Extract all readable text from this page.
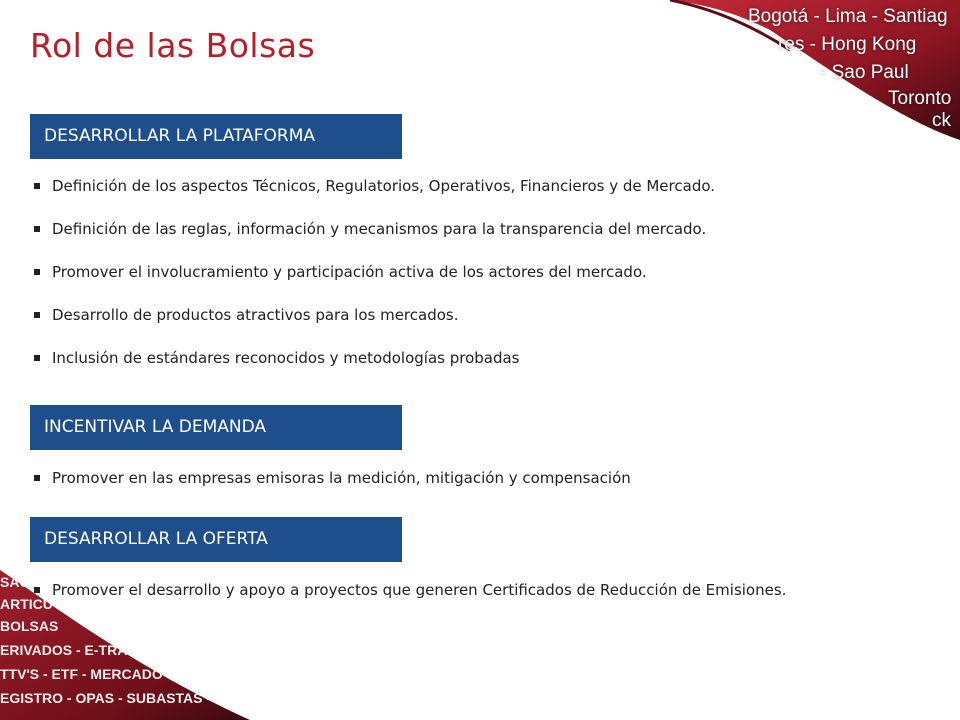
Bogotá - Lima - Santiag
res - Hong Kong
- Sao Paul
Toronto
ck
SAG
ARTICU
BOLSAS
ERIVADOS - E-TRAD
TTV'S - ETF - MERCADO
EGISTRO - OPAS - SUBASTAS -
Rol de las Bolsas
DESARROLLAR LA PLATAFORMA
Definición de los aspectos Técnicos, Regulatorios, Operativos, Financieros y de Mercado.
Definición de las reglas, información y mecanismos para la transparencia del mercado.
Promover el involucramiento y participación activa de los actores del mercado.
Desarrollo de productos atractivos para los mercados.
Inclusión de estándares reconocidos y metodologías probadas
INCENTIVAR LA DEMANDA
Promover en las empresas emisoras la medición, mitigación y compensación
DESARROLLAR LA OFERTA
Promover el desarrollo y apoyo a proyectos que generen Certificados de Reducción de Emisiones.
